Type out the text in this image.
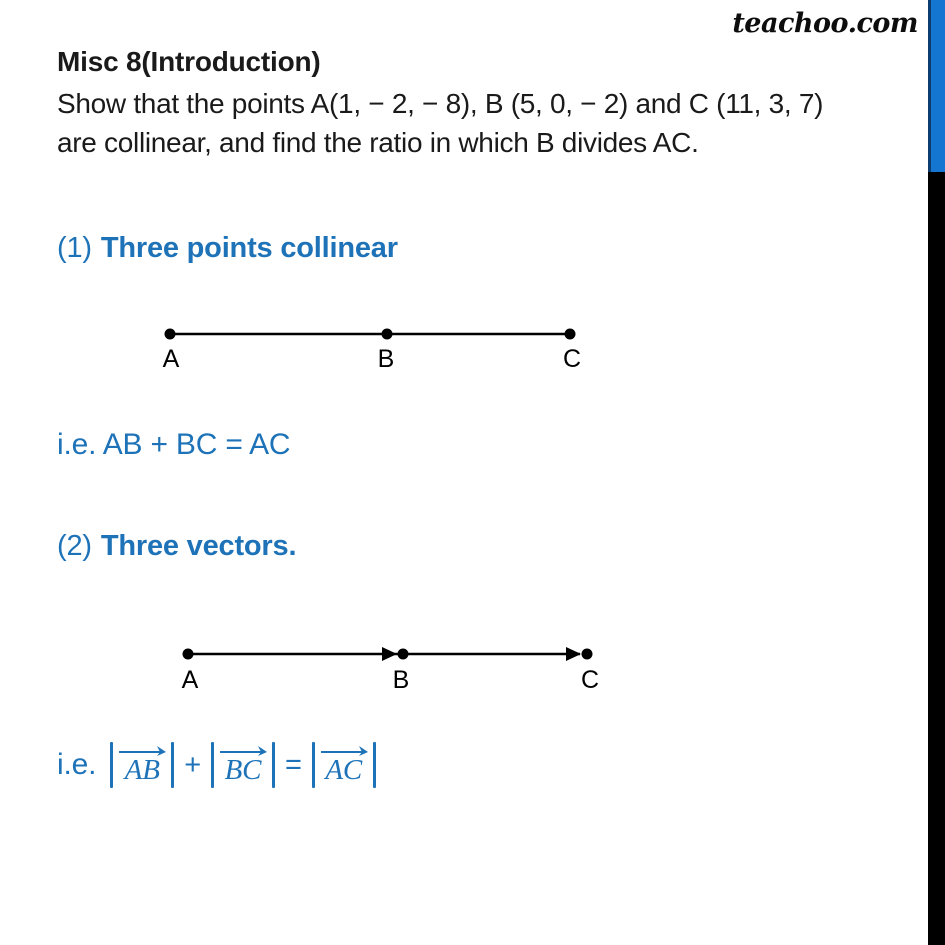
teachoo.com
Misc 8(Introduction)
Show that the points A(1, − 2, − 8), B (5, 0, − 2) and C (11, 3, 7)
are collinear, and find the ratio in which B divides AC.
(1) Three points collinear
A	B	C
i.e. AB + BC = AC
(2) Three vectors.
A	B	C
i.e. ‖ AB ‖ + ‖ BC ‖ = ‖ AC ‖
